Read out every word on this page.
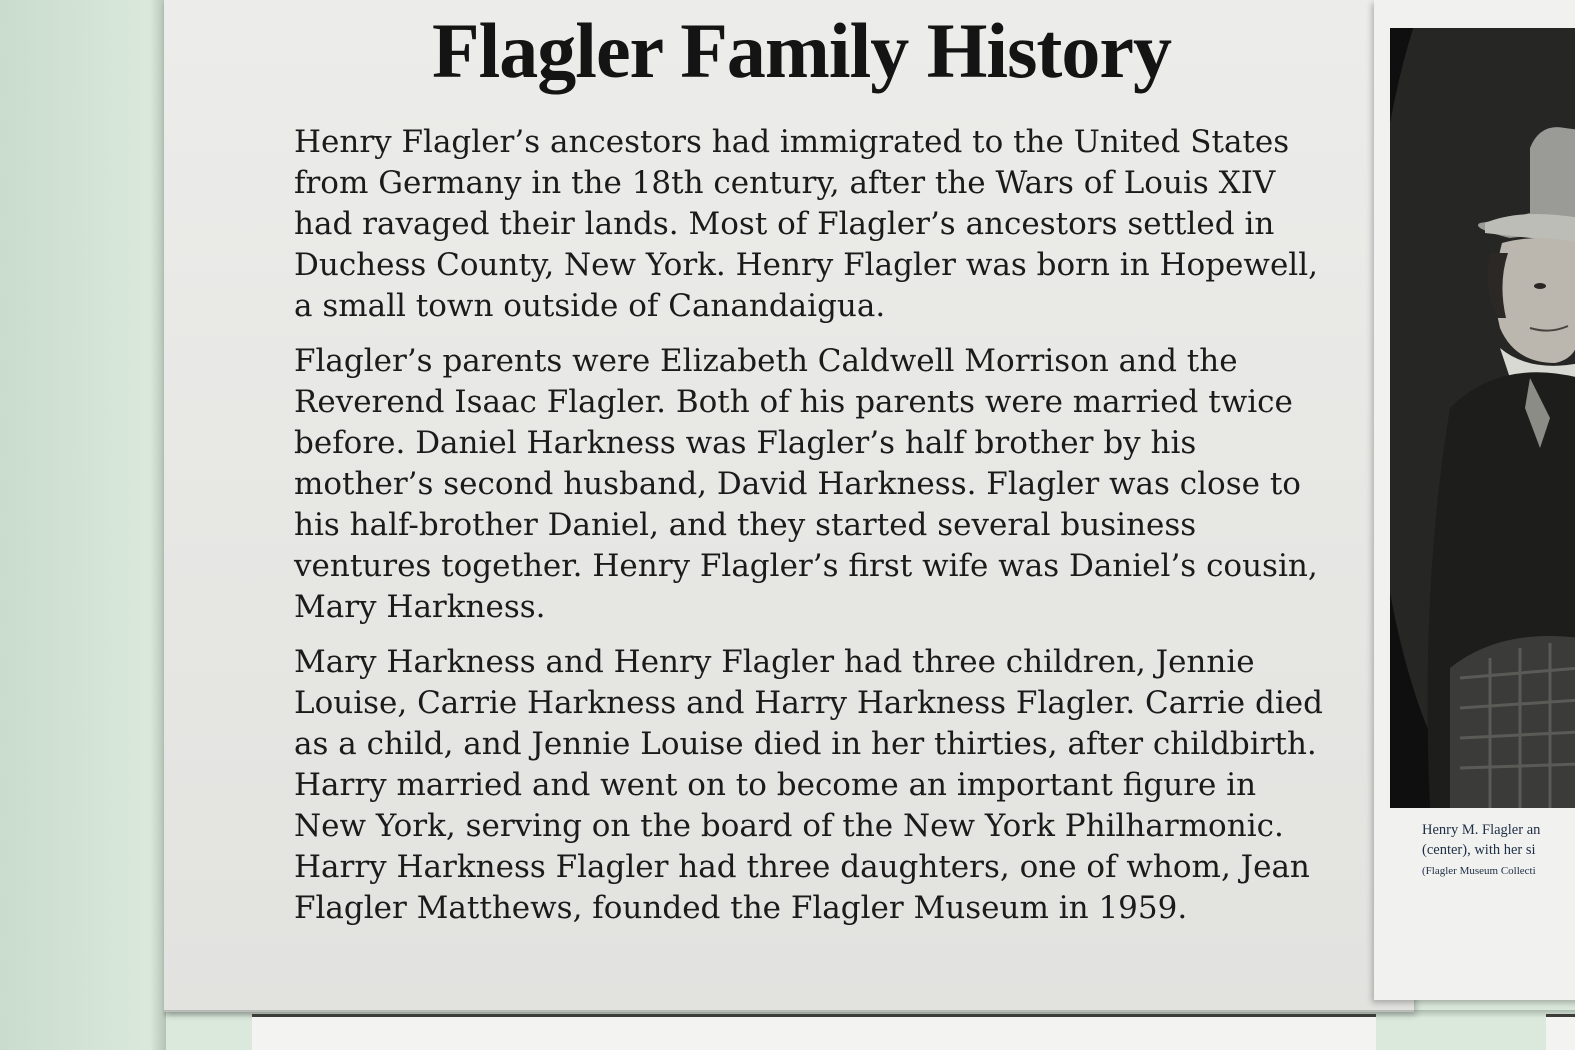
Flagler Family History

Henry Flagler’s ancestors had immigrated to the United States from Germany in the 18th century, after the Wars of Louis XIV had ravaged their lands. Most of Flagler’s ancestors settled in Duchess County, New York. Henry Flagler was born in Hopewell, a small town outside of Canandaigua.

Flagler’s parents were Elizabeth Caldwell Morrison and the Reverend Isaac Flagler. Both of his parents were married twice before. Daniel Harkness was Flagler’s half brother by his mother’s second husband, David Harkness. Flagler was close to his half-brother Daniel, and they started several business ventures together. Henry Flagler’s first wife was Daniel’s cousin, Mary Harkness.

Mary Harkness and Henry Flagler had three children, Jennie Louise, Carrie Harkness and Harry Harkness Flagler. Carrie died as a child, and Jennie Louise died in her thirties, after childbirth. Harry married and went on to become an important figure in New York, serving on the board of the New York Philharmonic. Harry Harkness Flagler had three daughters, one of whom, Jean Flagler Matthews, founded the Flagler Museum in 1959.

Henry M. Flagler an
(center), with her si
(Flagler Museum Collecti
